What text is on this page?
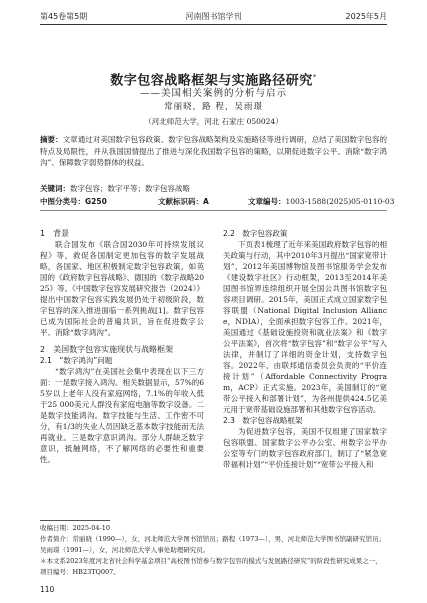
第45卷第5期	河南图书馆学刊	2025年5月
数字包容战略框架与实施路径研究*
——美国相关案例的分析与启示
常丽晓，路 程，吴雨璟
（河北师范大学，河北 石家庄 050024）
摘要：文章通过对美国数字包容政策、数字包容战略架构及实施路径等进行调研，总结了美国数字包容的特点及局限性，并从我国国情提出了推进与深化我国数字包容的策略，以期促进数字公平、消除“数字鸿沟”、保障数字弱势群体的权益。
关键词：数字包容；数字平等；数字包容战略
中图分类号：G250	文献标识码：A	文章编号： 1003-1588(2025)05-0110-03

1　背景

联合国发布《联合国2030年可持续发展议程》等，救促各国制定更加包容的数字发展战略，各国家、地区积极制定数字包容政策，如英国的《政府数字包容战略》、德国的《数字战略2025》等。《中国数字包容发展研究报告（2024）》提出中国数字包容实践发展仍处于初级阶段，数字包容的深入推进面临一系列挑战[1]。数字包容已成为国际社会的普遍共识，旨在促进数字公平、消除“数字鸿沟”。

2　美国数字包容实施现状与战略框架

2.1　“数字鸿沟”问题

“数字鸿沟”在美国社会集中表现在以下三方面：一是数字接入鸿沟。相关数据显示，57%的65岁以上老年人没有家庭网络，7.1%的年收入低于25 000美元人群没有家庭电脑等数字设备。二是数字技能鸿沟。数字技能与生活、工作密不可分，有1/3的失业人员因缺乏基本数字技能而无法再就业。三是数字意识鸿沟。部分人群缺乏数字意识，抵触网络，不了解网络的必要性和重要性。

2.2　数字包容政策

下页表1梳理了近年来美国政府数字包容的相关政策与行动，其中2010年3月提出“国家宽带计划”，2012年美国博物馆及图书馆服务学会发布《建设数字社区》行动框架，2013至2014年美国图书馆界连续组织开展全国公共图书馆数字包容项目调研。2015年，美国正式成立国家数字包容联盟（National Digital Inclusion Alliance，NDIA），全面承担数字包容工作。2021年，美国通过《基础设施投资和就业法案》和《数字公平法案》，首次将“数字包容”和“数字公平”写入法律，并制订了详细的资金计划，支持数字包容。2022年，由联邦通信委员会负责的“平价连接计划”（Affordable Connectivity Program，ACP）正式实施。2023年，美国制订的“宽带公平接入和部署计划”，为各州提供424.5亿美元用于宽带基础设施部署和其他数字包容活动。

2.3　数字包容战略框架

为促进数字包容，美国不仅组建了国家数字包容联盟、国家数字公平办公室、州数字公平办公室等专门的数字包容政府部门，制订了“紧急宽带福利计划”“平价连接计划”“宽带公平接入和

收稿日期：2025-04-10
作者简介：常丽晓（1990—），女，河北师范大学图书馆馆员；路程（1973—），男，河北师范大学图书馆副研究馆员；吴雨璟（1991—），女，河北师范大学人事处助理研究员。
＊本文系2023年度河北省社会科学基金项目“高校图书馆参与数字包容的模式与发展路径研究”的阶段性研究成果之一，项目编号：HB23TQ007。
110
